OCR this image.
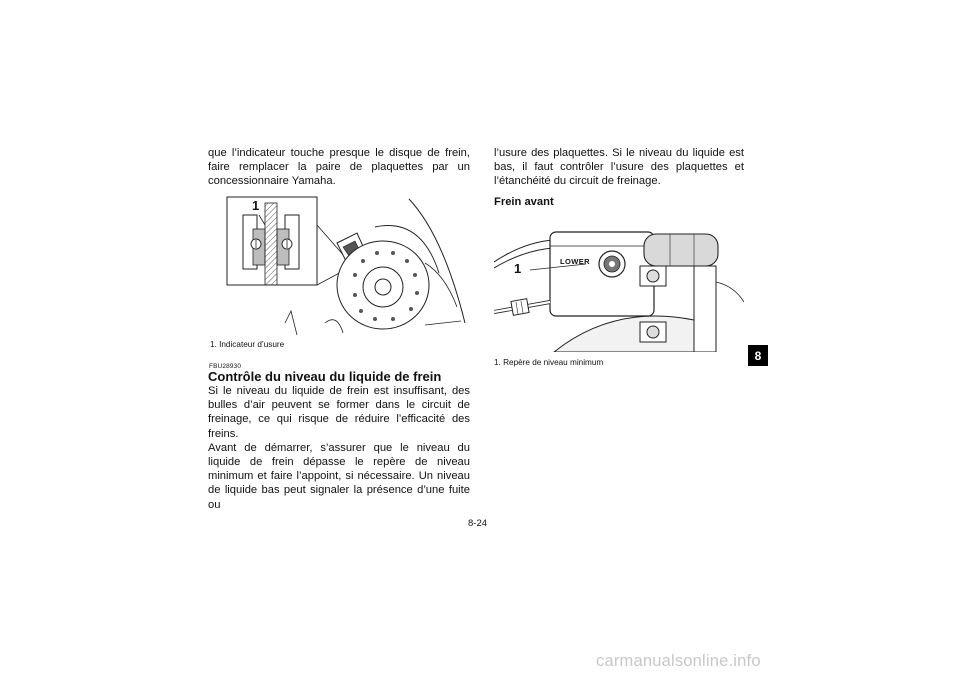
que l’indicateur touche presque le disque de frein, faire remplacer la paire de plaquettes par un concessionnaire Yamaha.

1
1. Indicateur d’usure
FBU28930
Contrôle du niveau du liquide de frein

Si le niveau du liquide de frein est insuffisant, des bulles d’air peuvent se former dans le circuit de freinage, ce qui risque de réduire l’efficacité des freins.

Avant de démarrer, s’assurer que le niveau du liquide de frein dépasse le repère de niveau minimum et faire l’appoint, si nécessaire. Un niveau de liquide bas peut signaler la présence d’une fuite ou

l’usure des plaquettes. Si le niveau du liquide est bas, il faut contrôler l’usure des plaquettes et l’étanchéité du circuit de freinage.

Frein avant
1	LOWER
1. Repère de niveau minimum	8
8-24
carmanualsonline.info
